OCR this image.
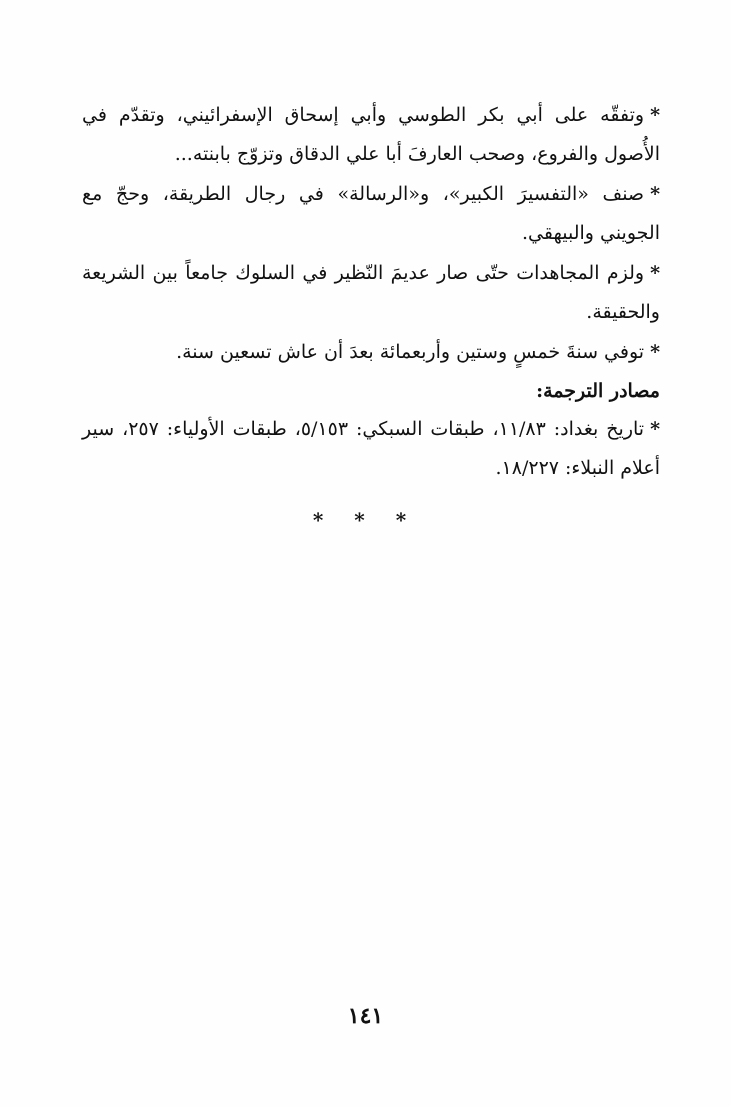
*وتفقّه على أبي بكر الطوسي وأبي إسحاق الإسفرائيني، وتقدّم في الأُصول والفروع، وصحب العارفَ أبا علي الدقاق وتزوّج بابنته...

*صنف «التفسيرَ الكبير»، و«الرسالة» في رجال الطريقة، وحجّ مع الجويني والبيهقي.

*ولزم المجاهدات حتّى صار عديمَ النّظير في السلوك جامعاً بين الشريعة والحقيقة.

*توفي سنةَ خمسٍ وستين وأربعمائة بعدَ أن عاش تسعين سنة.

مصادر الترجمة:

*تاريخ بغداد: ١١/٨٣، طبقات السبكي: ٥/١٥٣، طبقات الأولياء: ٢٥٧، سير أعلام النبلاء: ١٨/٢٢٧.

* * *
١٤١
